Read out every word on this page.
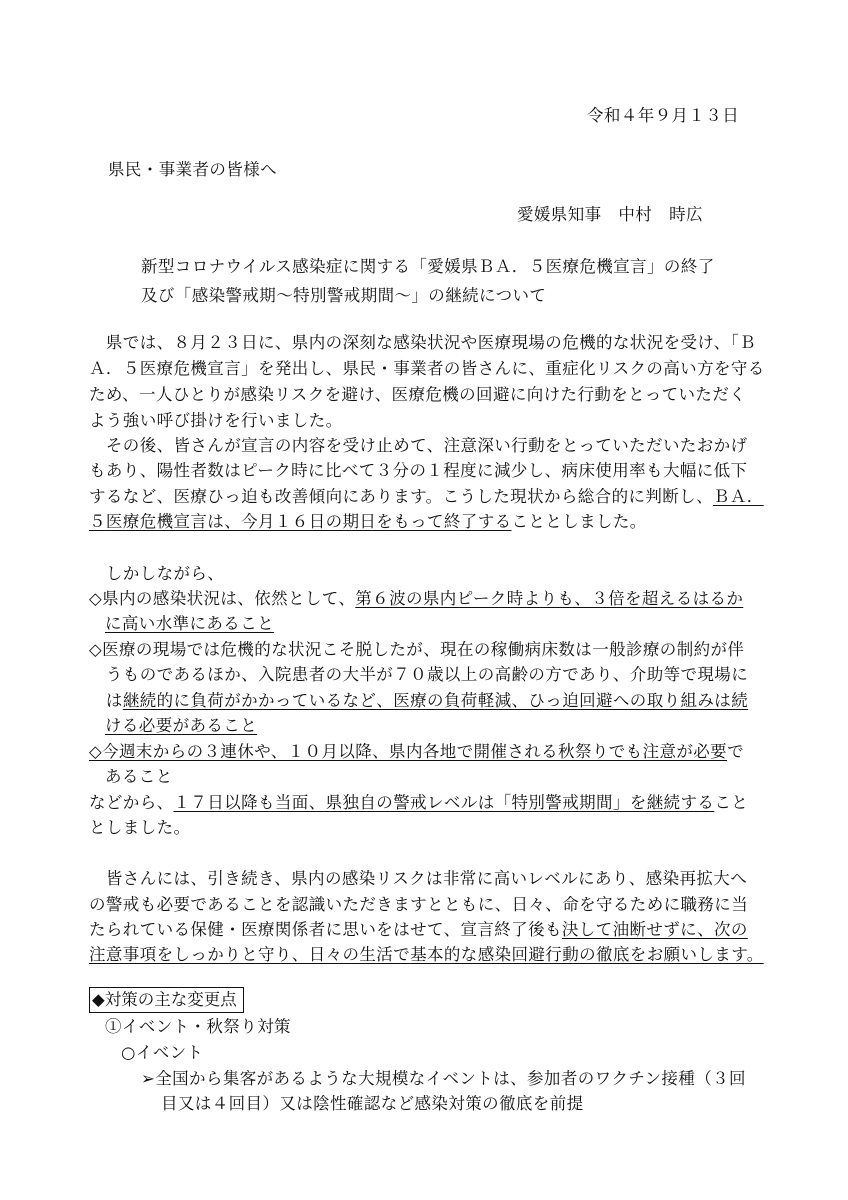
令和４年９月１３日
県民・事業者の皆様へ
愛媛県知事　中村　時広
新型コロナウイルス感染症に関する「愛媛県ＢＡ．５医療危機宣言」の終了
及び「感染警戒期～特別警戒期間～」の継続について
　県では、８月２３日に、県内の深刻な感染状況や医療現場の危機的な状況を受け、「Ｂ
Ａ．５医療危機宣言」を発出し、県民・事業者の皆さんに、重症化リスクの高い方を守る
ため、一人ひとりが感染リスクを避け、医療危機の回避に向けた行動をとっていただく
よう強い呼び掛けを行いました。
　その後、皆さんが宣言の内容を受け止めて、注意深い行動をとっていただいたおかげ
もあり、陽性者数はピーク時に比べて３分の１程度に減少し、病床使用率も大幅に低下
するなど、医療ひっ迫も改善傾向にあります。こうした現状から総合的に判断し、ＢＡ．
５医療危機宣言は、今月１６日の期日をもって終了することとしました。
　しかしながら、
◇県内の感染状況は、依然として、第６波の県内ピーク時よりも、３倍を超えるはるか
に高い水準にあること
◇医療の現場では危機的な状況こそ脱したが、現在の稼働病床数は一般診療の制約が伴
　うものであるほか、入院患者の大半が７０歳以上の高齢の方であり、介助等で現場に
　は継続的に負荷がかかっているなど、医療の負荷軽減、ひっ迫回避への取り組みは続
ける必要があること
◇今週末からの３連休や、１０月以降、県内各地で開催される秋祭りでも注意が必要で
あること
などから、１７日以降も当面、県独自の警戒レベルは「特別警戒期間」を継続すること
としました。
　皆さんには、引き続き、県内の感染リスクは非常に高いレベルにあり、感染再拡大へ
の警戒も必要であることを認識いただきますとともに、日々、命を守るために職務に当
たられている保健・医療関係者に思いをはせて、宣言終了後も決して油断せずに、次の
注意事項をしっかりと守り、日々の生活で基本的な感染回避行動の徹底をお願いします。
◆対策の主な変更点
①イベント・秋祭り対策
○イベント
➢全国から集客があるような大規模なイベントは、参加者のワクチン接種（３回
目又は４回目）又は陰性確認など感染対策の徹底を前提
